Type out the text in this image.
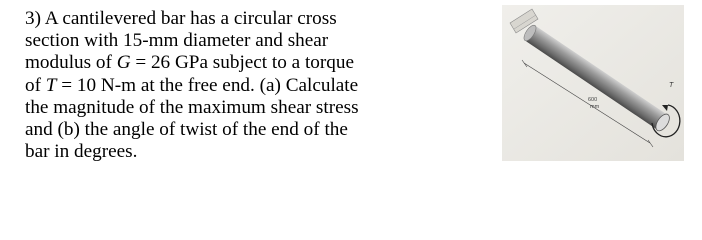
3) A cantilevered bar has a circular cross
section with 15-mm diameter and shear
modulus of G = 26 GPa subject to a torque
of T = 10 N-m at the free end. (a) Calculate
the magnitude of the maximum shear stress
and (b) the angle of twist of the end of the
bar in degrees.
T
600
mm
